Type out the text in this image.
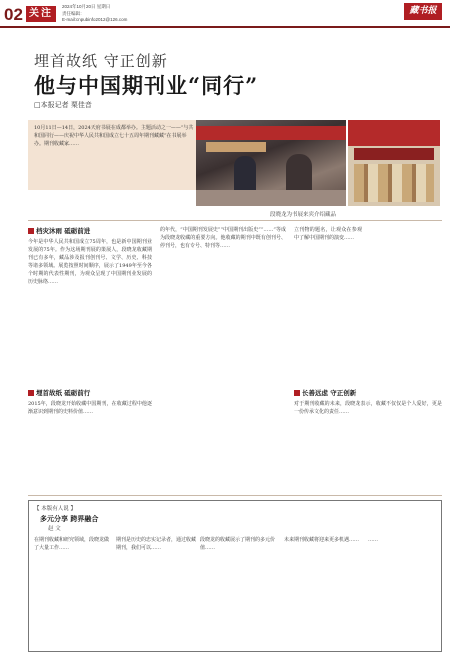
02 关注
2024年10月20日 星期日
责任编辑：
E-mail:cnpubinfo2012@126.com
藏书报
埋首故纸 守正创新
他与中国期刊业“同行”
□本报记者 栗佳音
10月11日—14日，2024天府书展在成都举办。主题活动之一——“与共和国同行——庆祝中华人民共和国成立七十五周年期刊藏藏”在书展举办。期刊收藏家……
段晓龙为书展来宾介绍藏品
档灾沐雨 砥砺前进
今年是中华人民共和国成立75周年，也是新中国期刊业发展的75年。作为这场期刊展的策展人，段晓龙收藏期刊已有多年，藏品涉及报刊创刊号、文学、历史、科技等诸多领域。展览按照时间顺序，展示了1949年至今各个时期的代表性期刊，为观众呈现了中国期刊业发展的历史脉络……
埋首故纸 砥砺前行
2015年，段晓龙开始收藏中国期刊，在收藏过程中他逐渐意识到期刊的史料价值……
的年代，“中国期刊发展史”“中国期刊出版史”“……”等成为段晓龙收藏的重要方向。他收藏的期刊中既有创刊号、停刊号，也有专号、特刊等……
立刊物的题名，让观众在参观中了解中国期刊的演变……
长善远虑 守正创新
对于期刊收藏的未来，段晓龙表示，收藏不仅仅是个人爱好，更是一份传承文化的责任……
【 本版有人说 】
多元分享 跨界融合
赵 文
在期刊收藏和研究领域，段晓龙做了大量工作……
期刊是历史的忠实记录者，通过收藏期刊，我们可以……
段晓龙的收藏展示了期刊的多元价值……
未来期刊收藏将迎来更多机遇……	……
